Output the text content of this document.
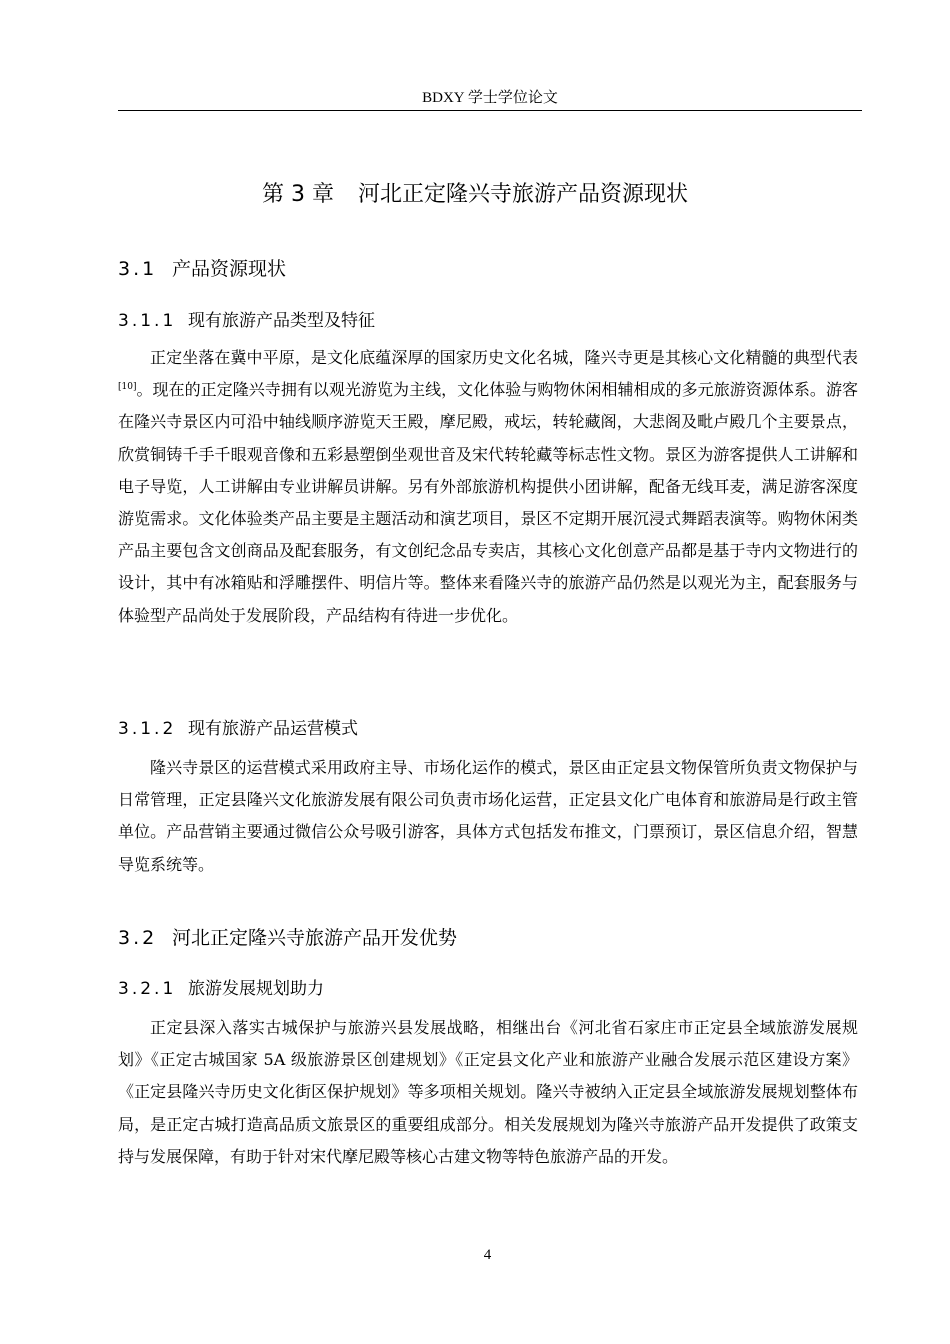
BDXY 学士学位论文
第 3 章 河北正定隆兴寺旅游产品资源现状
3.1 产品资源现状
3.1.1 现有旅游产品类型及特征

正定坐落在冀中平原，是文化底蕴深厚的国家历史文化名城，隆兴寺更是其核心文化精髓的典型代表[10]。现在的正定隆兴寺拥有以观光游览为主线，文化体验与购物休闲相辅相成的多元旅游资源体系。游客在隆兴寺景区内可沿中轴线顺序游览天王殿，摩尼殿，戒坛，转轮藏阁，大悲阁及毗卢殿几个主要景点，欣赏铜铸千手千眼观音像和五彩悬塑倒坐观世音及宋代转轮藏等标志性文物。景区为游客提供人工讲解和电子导览，人工讲解由专业讲解员讲解。另有外部旅游机构提供小团讲解，配备无线耳麦，满足游客深度游览需求。文化体验类产品主要是主题活动和演艺项目，景区不定期开展沉浸式舞蹈表演等。购物休闲类产品主要包含文创商品及配套服务，有文创纪念品专卖店，其核心文化创意产品都是基于寺内文物进行的设计，其中有冰箱贴和浮雕摆件、明信片等。整体来看隆兴寺的旅游产品仍然是以观光为主，配套服务与体验型产品尚处于发展阶段，产品结构有待进一步优化。

3.1.2 现有旅游产品运营模式

隆兴寺景区的运营模式采用政府主导、市场化运作的模式，景区由正定县文物保管所负责文物保护与日常管理，正定县隆兴文化旅游发展有限公司负责市场化运营，正定县文化广电体育和旅游局是行政主管单位。产品营销主要通过微信公众号吸引游客，具体方式包括发布推文，门票预订，景区信息介绍，智慧导览系统等。

3.2 河北正定隆兴寺旅游产品开发优势
3.2.1 旅游发展规划助力

正定县深入落实古城保护与旅游兴县发展战略，相继出台《河北省石家庄市正定县全域旅游发展规划》《正定古城国家 5A 级旅游景区创建规划》《正定县文化产业和旅游产业融合发展示范区建设方案》《正定县隆兴寺历史文化街区保护规划》等多项相关规划。隆兴寺被纳入正定县全域旅游发展规划整体布局，是正定古城打造高品质文旅景区的重要组成部分。相关发展规划为隆兴寺旅游产品开发提供了政策支持与发展保障，有助于针对宋代摩尼殿等核心古建文物等特色旅游产品的开发。

4
